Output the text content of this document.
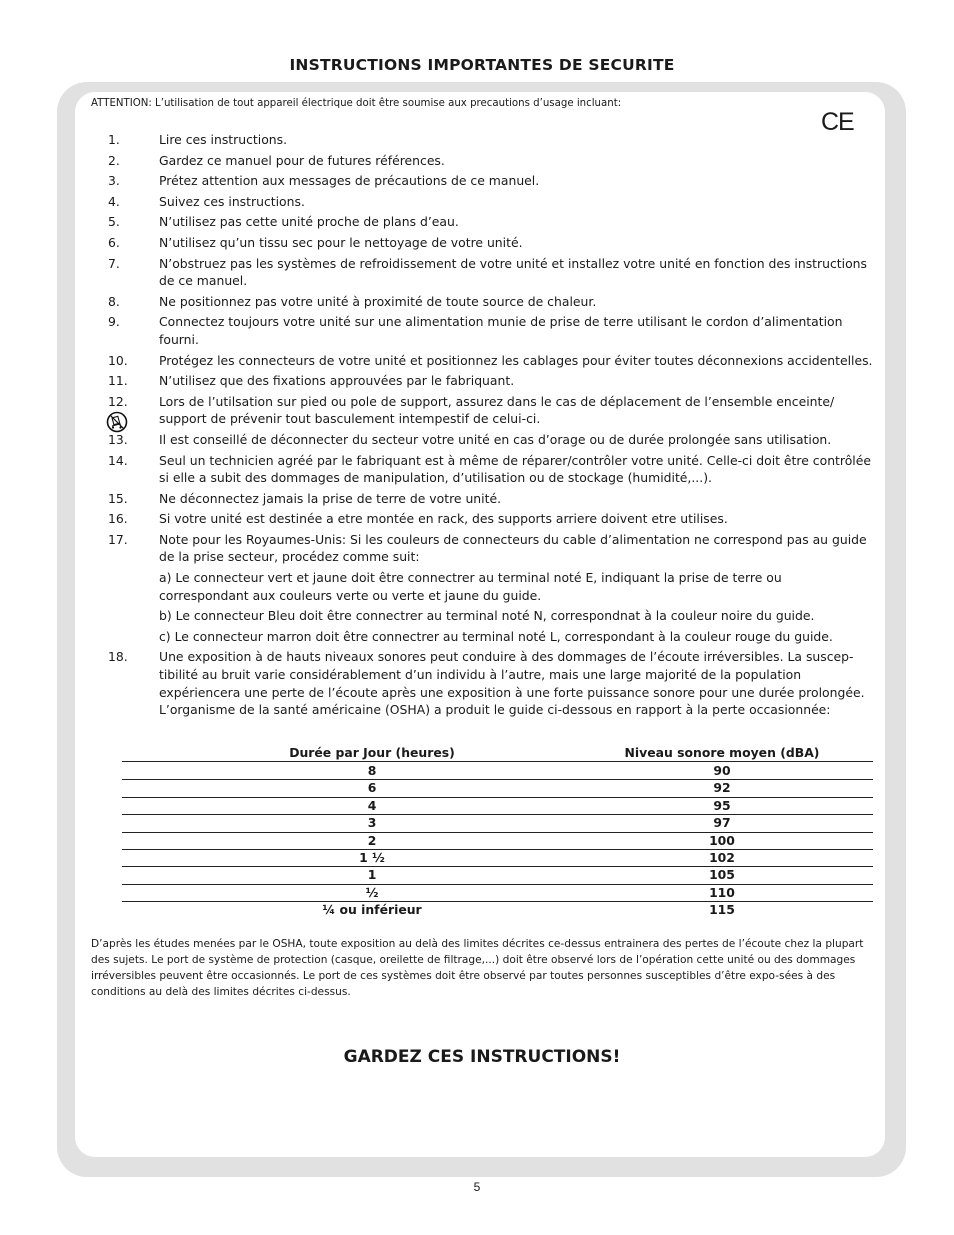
INSTRUCTIONS IMPORTANTES DE SECURITE
ATTENTION: L’utilisation de tout appareil électrique doit être soumise aux precautions d’usage incluant:
CE
1.	Lire ces instructions.
2.	Gardez ce manuel pour de futures références.
3.	Prétez attention aux messages de précautions de ce manuel.
4.	Suivez ces instructions.
5.	N’utilisez pas cette unité proche de plans d’eau.
6.	N’utilisez qu’un tissu sec pour le nettoyage de votre unité.
7.	N’obstruez pas les systèmes de refroidissement de votre unité et installez votre unité en fonction des instructions de ce manuel.
8.	Ne positionnez pas votre unité à proximité de toute source de chaleur.
9.	Connectez toujours votre unité sur une alimentation munie de prise de terre utilisant le cordon d’alimentation fourni.
10.	Protégez les connecteurs de votre unité et positionnez les cablages pour éviter toutes déconnexions accidentelles.
11.	N’utilisez que des fixations approuvées par le fabriquant.
12.	Lors de l’utilsation sur pied ou pole de support, assurez dans le cas de déplacement de l’ensemble enceinte/ support de prévenir tout basculement intempestif de celui-ci.
13.	Il est conseillé de déconnecter du secteur votre unité en cas d’orage ou de durée prolongée sans utilisation.
14.	Seul un technicien agréé par le fabriquant est à même de réparer/contrôler votre unité. Celle-ci doit être contrôlée si elle a subit des dommages de manipulation, d’utilisation ou de stockage (humidité,...).
15.	Ne déconnectez jamais la prise de terre de votre unité.
16.	Si votre unité est destinée a etre montée en rack, des supports arriere doivent etre utilises.
17.	Note pour les Royaumes-Unis: Si les couleurs de connecteurs du cable d’alimentation ne correspond pas au guide de la prise secteur, procédez comme suit:
a) Le connecteur vert et jaune doit être connectrer au terminal noté E, indiquant la prise de terre ou correspondant aux couleurs verte ou verte et jaune du guide.
b) Le connecteur Bleu doit être connectrer au terminal noté N, correspondnat à la couleur noire du guide.
c) Le connecteur marron doit être connectrer au terminal noté L, correspondant à la couleur rouge du guide.
18.	Une exposition à de hauts niveaux sonores peut conduire à des dommages de l’écoute irréversibles. La suscep-tibilité au bruit varie considérablement d’un individu à l’autre, mais une large majorité de la population expériencera une perte de l’écoute après une exposition à une forte puissance sonore pour une durée prolongée. L’organisme de la santé américaine (OSHA) a produit le guide ci-dessous en rapport à la perte occasionnée:
Durée par Jour (heures)	Niveau sonore moyen (dBA)
8	90
6	92
4	95
3	97
2	100
1 ½	102
1	105
½	110
¼ ou inférieur	115
D’après les études menées par le OSHA, toute exposition au delà des limites décrites ce-dessus entrainera des pertes de l’écoute chez la plupart des sujets. Le port de système de protection (casque, oreilette de filtrage,...) doit être observé lors de l’opération cette unité ou des dommages irréversibles peuvent être occasionnés. Le port de ces systèmes doit être observé par toutes personnes susceptibles d’être expo-sées à des conditions au delà des limites décrites ci-dessus.
GARDEZ CES INSTRUCTIONS!
5
